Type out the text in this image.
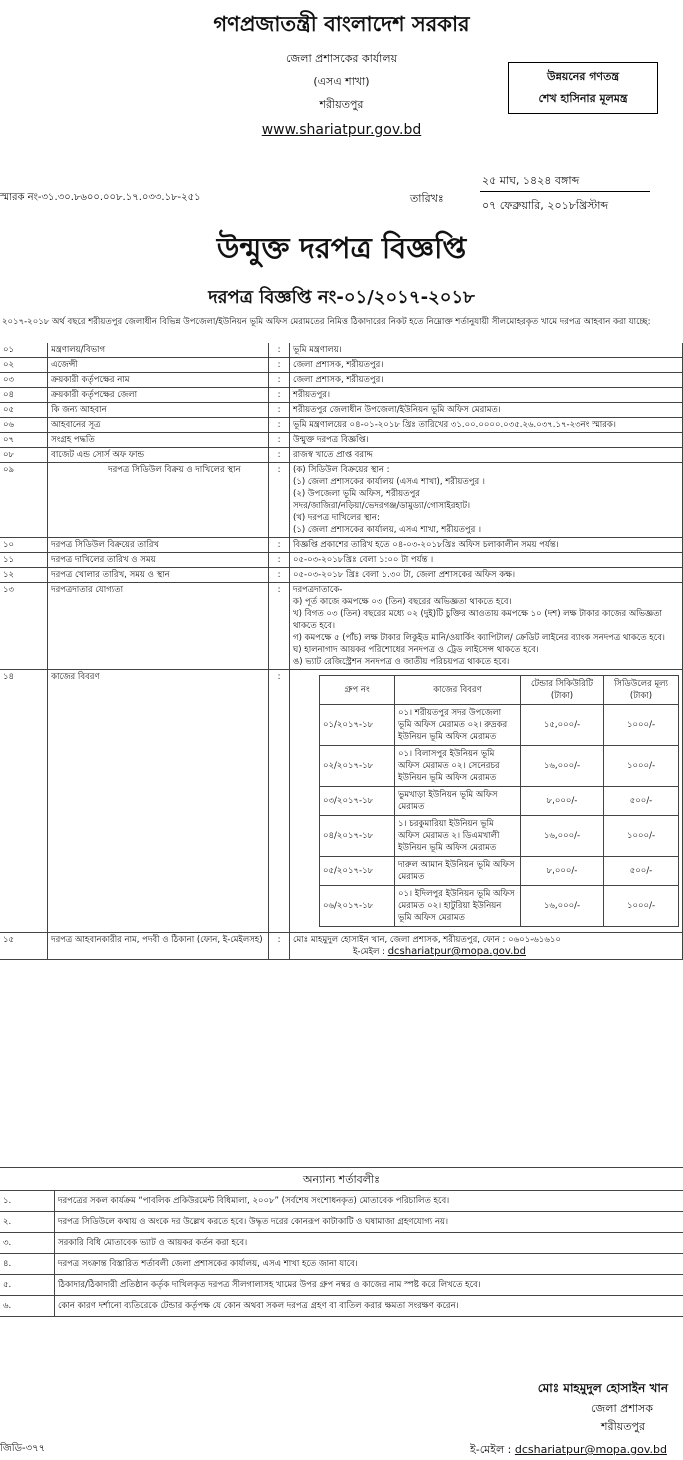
গণপ্রজাতন্ত্রী বাংলাদেশ সরকার
জেলা প্রশাসকের কার্যালয়
(এসএ শাখা)
শরীয়তপুর
www.shariatpur.gov.bd
উন্নয়নের গণতন্ত্র
শেখ হাসিনার মূলমন্ত্র
স্মারক নং-৩১.৩০.৮৬০০.০০৮.১৭.০৩৩.১৮-২৫১	তারিখঃ
২৫ মাঘ, ১৪২৪ বঙ্গাব্দ
০৭ ফেব্রুয়ারি, ২০১৮খ্রিস্টাব্দ
উন্মুক্ত দরপত্র বিজ্ঞপ্তি
দরপত্র বিজ্ঞপ্তি নং-০১/২০১৭-২০১৮
২০১৭-২০১৮ অর্থ বছরে শরীয়তপুর জেলাধীন বিভিন্ন উপজেলা/ইউনিয়ন ভূমি অফিস মেরামতের নিমিত্ত ঠিকাদারের নিকট হতে নিম্নোক্ত শর্তানুযায়ী সীলমোহরকৃত খামে দরপত্র আহবান করা যাচ্ছে:
০১	মন্ত্রণালয়/বিভাগ	:	ভূমি মন্ত্রণালয়।
০২	এজেন্সী	:	জেলা প্রশাসক, শরীয়তপুর।
০৩	ক্রয়কারী কর্তৃপক্ষের নাম	:	জেলা প্রশাসক, শরীয়তপুর।
০৪	ক্রয়কারী কর্তৃপক্ষের জেলা	:	শরীয়তপুর।
০৫	কি জন্য আহবান	:	শরীয়তপুর জেলাধীন উপজেলা/ইউনিয়ন ভূমি অফিস মেরামত।
০৬	আহবানের সূত্র	:	ভূমি মন্ত্রণালয়ের ০৪-০১-২০১৮ খ্রিঃ তারিখের ৩১.০০.০০০০.০৩৫.২৬.০৩৭.১৭-২৩নং স্মারক।
০৭	সংগ্রহ পদ্ধতি	:	উন্মুক্ত দরপত্র বিজ্ঞপ্তি।
০৮	বাজেট এন্ড সোর্স অফ ফান্ড	:	রাজস্ব খাতে প্রাপ্ত বরাদ্দ
০৯	দরপত্র সিডিউল বিক্রয় ও দাখিলের স্থান	:	(ক) সিডিউল বিক্রয়ের স্থান :
(১) জেলা প্রশাসকের কার্যালয় (এসএ শাখা), শরীয়তপুর ।
(২) উপজেলা ভূমি অফিস, শরীয়তপুর
সদর/জাজিরা/নড়িয়া/ভেদরগঞ্জ/ডামুড্যা/গোসাইরহাট।
(খ) দরপত্র দাখিলের স্থান:
(১) জেলা প্রশাসকের কার্যালয়, এসএ শাখা, শরীয়তপুর ।

১০	দরপত্র সিডিউল বিক্রয়ের তারিখ	:	বিজ্ঞপ্তি প্রকাশের তারিখ হতে ০৪-০৩-২০১৮খ্রিঃ অফিস চলাকালীন সময় পর্যন্ত।
১১	দরপত্র দাখিলের তারিখ ও সময়	:	০৫-০৩-২০১৮খ্রিঃ বেলা ১:০০ টা পর্যন্ত ।
১২	দরপত্র খোলার তারিখ, সময় ও স্থান	:	০৫-০৩-২০১৮ খ্রিঃ বেলা ১.৩০ টা, জেলা প্রশাসকের অফিস কক্ষ।
১৩	দরপত্রদাতার যোগ্যতা	:	দরপত্রদাতাকে-
ক) পূর্ত কাজে কমপক্ষে ০৩ (তিন) বছরের অভিজ্ঞতা থাকতে হবে।
খ) বিগত ০৩ (তিন) বছরের মধ্যে ০২ (দুই)টি চুক্তির আওতায় কমপক্ষে ১০ (দশ) লক্ষ টাকার কাজের অভিজ্ঞতা থাকতে হবে।
গ) কমপক্ষে ৫ (পাঁচ) লক্ষ টাকার লিকুইড মানি/ওয়ার্কিং ক্যাপিটাল/ ক্রেডিট লাইনের ব্যাংক সনদপত্র থাকতে হবে।
ঘ) হালনাগাদ আয়কর পরিশোধের সনদপত্র ও ট্রেড লাইসেন্স থাকতে হবে।
ঙ) ভ্যাট রেজিস্ট্রেশন সনদপত্র ও জাতীয় পরিচয়পত্র থাকতে হবে।

১৪	কাজের বিবরণ	:	
গ্রুপ নং	কাজের বিবরণ	টেন্ডার সিকিউরিটি (টাকা)	সিডিউলের মূল্য (টাকা)
০১/২০১৭-১৮	০১। শরীয়তপুর সদর উপজেলা ভূমি অফিস মেরামত ০২। রুদ্রকর ইউনিয়ন ভূমি অফিস মেরামত	১৫,০০০/-	১০০০/-
০২/২০১৭-১৮	০১। বিলাসপুর ইউনিয়ন ভূমি অফিস মেরামত ০২। সেনেরচর ইউনিয়ন ভূমি অফিস মেরামত	১৬,০০০/-	১০০০/-
০৩/২০১৭-১৮	ভুমখাড়া ইউনিয়ন ভূমি অফিস মেরামত	৮,০০০/-	৫০০/-
০৪/২০১৭-১৮	১। চরকুমারিয়া ইউনিয়ন ভূমি অফিস মেরামত ২। ডিএমখালী ইউনিয়ন ভূমি অফিস মেরামত	১৬,০০০/-	১০০০/-
০৫/২০১৭-১৮	দারুল আমান ইউনিয়ন ভূমি অফিস মেরামত	৮,০০০/-	৫০০/-
০৬/২০১৭-১৮	০১। ইদিলপুর ইউনিয়ন ভূমি অফিস মেরামত ০২। হাটুরিয়া ইউনিয়ন ভূমি অফিস মেরামত	১৬,০০০/-	১০০০/-

১৫	দরপত্র আহবানকারীর নাম, পদবী ও ঠিকানা (ফোন, ই-মেইলসহ)	:	মোঃ মাহমুদুল হোসাইন খান, জেলা প্রশাসক, শরীয়তপুর, ফোন : ০৬০১-৬১৬১০
ই-মেইল : dcshariatpur@mopa.gov.bd
অন্যান্য শর্তাবলীঃ
১.	দরপত্রের সকল কার্যক্রম “পাবলিক প্রকিউরমেন্ট বিধিমালা, ২০০৮” (সর্বশেষ সংশোধনকৃত) মোতাবেক পরিচালিত হবে।
২.	দরপত্র সিডিউলে কথায় ও অংকে দর উল্লেখ করতে হবে। উদ্ধৃত দরের কোনরূপ কাটাকাটি ও ঘষামাজা গ্রহণযোগ্য নয়।
৩.	সরকারি বিধি মোতাবেক ভ্যাট ও আয়কর কর্তন করা হবে।
৪.	দরপত্র সংক্রান্ত বিস্তারিত শর্তাবলী জেলা প্রশাসকের কার্যালয়, এসএ শাখা হতে জানা যাবে।
৫.	ঠিকাদার/ঠিকাদারী প্রতিষ্ঠান কর্তৃক দাখিলকৃত দরপত্র সীলগালাসহ খামের উপর গ্রুপ নম্বর ও কাজের নাম স্পষ্ট করে লিখতে হবে।
৬.	কোন কারণ দর্শানো ব্যতিরেকে টেন্ডার কর্তৃপক্ষ যে কোন অথবা সকল দরপত্র গ্রহণ বা বাতিল করার ক্ষমতা সংরক্ষণ করেন।
মোঃ মাহমুদুল হোসাইন খান
জেলা প্রশাসক
শরীয়তপুর
জিডি-৩৭৭	ই-মেইল : dcshariatpur@mopa.gov.bd
